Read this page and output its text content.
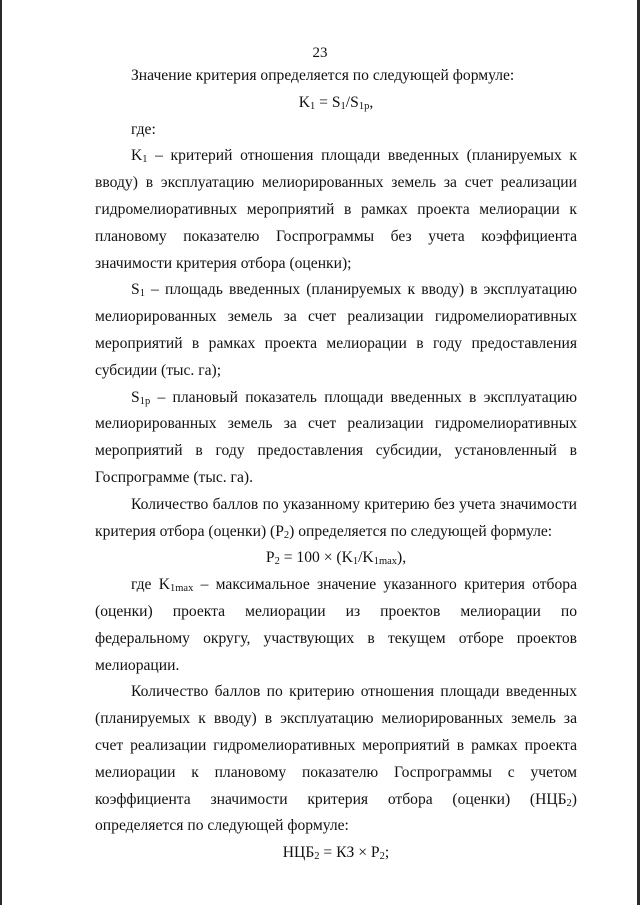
23

Значение критерия определяется по следующей формуле:

$K_1 = S_1/S_{1p}$,

где:

$K_1$ – критерий отношения площади введенных (планируемых к вводу) в эксплуатацию мелиорированных земель за счет реализации гидромелиоративных мероприятий в рамках проекта мелиорации к плановому показателю Госпрограммы без учета коэффициента значимости критерия отбора (оценки);

$S_1$ – площадь введенных (планируемых к вводу) в эксплуатацию мелиорированных земель за счет реализации гидромелиоративных мероприятий в рамках проекта мелиорации в году предоставления субсидии (тыс. га);

$S_{1p}$ – плановый показатель площади введенных в эксплуатацию мелиорированных земель за счет реализации гидромелиоративных мероприятий в году предоставления субсидии, установленный в Госпрограмме (тыс. га).

Количество баллов по указанному критерию без учета значимости критерия отбора (оценки) $(P_2)$ определяется по следующей формуле:

$P_2 = 100 \times (K_1/K_{1max})$,

где $K_{1max}$ – максимальное значение указанного критерия отбора (оценки) проекта мелиорации из проектов мелиорации по федеральному округу, участвующих в текущем отборе проектов мелиорации.

Количество баллов по критерию отношения площади введенных (планируемых к вводу) в эксплуатацию мелиорированных земель за счет реализации гидромелиоративных мероприятий в рамках проекта мелиорации к плановому показателю Госпрограммы с учетом коэффициента значимости критерия отбора (оценки) $(НЦБ_2)$ определяется по следующей формуле:

$НЦБ_2$ = КЗ × $P_2$;
